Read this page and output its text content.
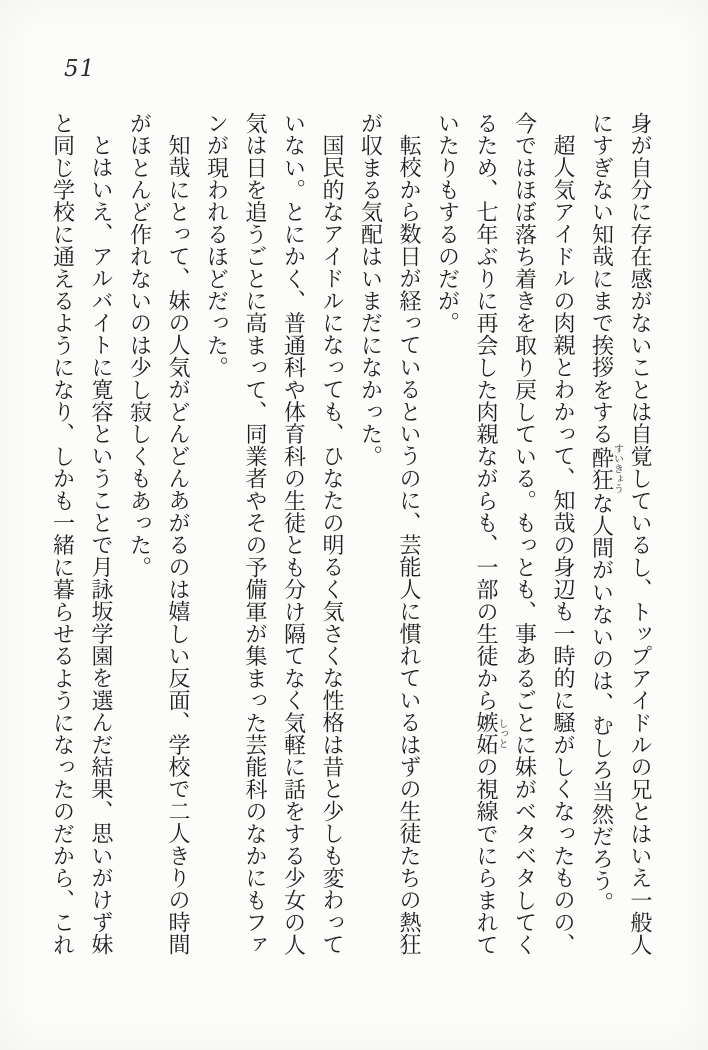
51

身が自分に存在感がないことは自覚しているし、トップアイドルの兄とはいえ一般人にすぎない知哉にまで挨拶をする酔狂すいきょうな人間がいないのは、むしろ当然だろう。

超人気アイドルの肉親とわかって、知哉の身辺も一時的に騒がしくなったものの、今ではほぼ落ち着きを取り戻している。もっとも、事あるごとに妹がベタベタしてくるため、七年ぶりに再会した肉親ながらも、一部の生徒から嫉妬しっとの視線でにらまれていたりもするのだが。

転校から数日が経っているというのに、芸能人に慣れているはずの生徒たちの熱狂が収まる気配はいまだになかった。

国民的なアイドルになっても、ひなたの明るく気さくな性格は昔と少しも変わっていない。とにかく、普通科や体育科の生徒とも分け隔てなく気軽に話をする少女の人気は日を追うごとに高まって、同業者やその予備軍が集まった芸能科のなかにもファンが現われるほどだった。

知哉にとって、妹の人気がどんどんあがるのは嬉しい反面、学校で二人きりの時間がほとんど作れないのは少し寂しくもあった。

とはいえ、アルバイトに寛容ということで月詠坂学園を選んだ結果、思いがけず妹と同じ学校に通えるようになり、しかも一緒に暮らせるようになったのだから、これ
